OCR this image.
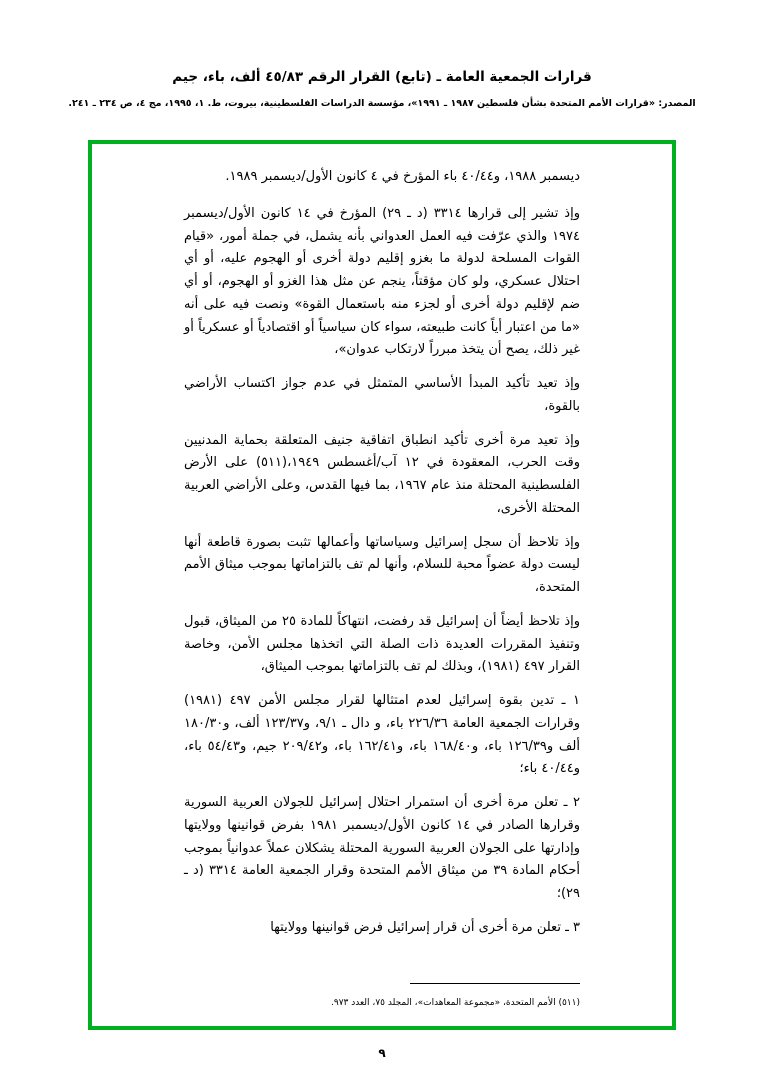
قرارات الجمعية العامة ـ (تابع) القرار الرقم ٤٥/٨٣ ألف، باء، جيم
المصدر: «قرارات الأمم المتحدة بشأن فلسطين ١٩٨٧ ـ ١٩٩١»، مؤسسة الدراسات الفلسطينية، بيروت، ط. ١، ١٩٩٥، مج ٤، ص ٢٣٤ ـ ٢٤١.

ديسمبر ١٩٨٨، و٤٠/٤٤ باء المؤرخ في ٤ كانون الأول/ديسمبر ١٩٨٩.

وإذ تشير إلى قرارها ٣٣١٤ (د ـ ٢٩) المؤرخ في ١٤ كانون الأول/ديسمبر ١٩٧٤ والذي عرّفت فيه العمل العدواني بأنه يشمل، في جملة أمور، «قيام القوات المسلحة لدولة ما بغزو إقليم دولة أخرى أو الهجوم عليه، أو أي احتلال عسكري، ولو كان مؤقتاً، ينجم عن مثل هذا الغزو أو الهجوم، أو أي ضم لإقليم دولة أخرى أو لجزء منه باستعمال القوة» ونصت فيه على أنه «ما من اعتبار أياً كانت طبيعته، سواء كان سياسياً أو اقتصادياً أو عسكرياً أو غير ذلك، يصح أن يتخذ مبرراً لارتكاب عدوان»،

وإذ تعيد تأكيد المبدأ الأساسي المتمثل في عدم جواز اكتساب الأراضي بالقوة،

وإذ تعيد مرة أخرى تأكيد انطباق اتفاقية جنيف المتعلقة بحماية المدنيين وقت الحرب، المعقودة في ١٢ آب/أغسطس ١٩٤٩،(٥١١) على الأرض الفلسطينية المحتلة منذ عام ١٩٦٧، بما فيها القدس، وعلى الأراضي العربية المحتلة الأخرى،

وإذ تلاحظ أن سجل إسرائيل وسياساتها وأعمالها تثبت بصورة قاطعة أنها ليست دولة عضواً محبة للسلام، وأنها لم تف بالتزاماتها بموجب ميثاق الأمم المتحدة،

وإذ تلاحظ أيضاً أن إسرائيل قد رفضت، انتهاكاً للمادة ٢٥ من الميثاق، قبول وتنفيذ المقررات العديدة ذات الصلة التي اتخذها مجلس الأمن، وخاصة القرار ٤٩٧ (١٩٨١)، وبذلك لم تف بالتزاماتها بموجب الميثاق،

١ ـ تدين بقوة إسرائيل لعدم امتثالها لقرار مجلس الأمن ٤٩٧ (١٩٨١) وقرارات الجمعية العامة ٢٢٦/٣٦ باء، و دال ـ ٩/١، و١٢٣/٣٧ ألف، و١٨٠/٣٠ ألف و١٢٦/٣٩ باء، و١٦٨/٤٠ باء، و١٦٢/٤١ باء، و٢٠٩/٤٢ جيم، و٥٤/٤٣ باء، و٤٠/٤٤ باء؛

٢ ـ تعلن مرة أخرى أن استمرار احتلال إسرائيل للجولان العربية السورية وقرارها الصادر في ١٤ كانون الأول/ديسمبر ١٩٨١ بفرض قوانينها وولايتها وإدارتها على الجولان العربية السورية المحتلة يشكلان عملاً عدوانياً بموجب أحكام المادة ٣٩ من ميثاق الأمم المتحدة وقرار الجمعية العامة ٣٣١٤ (د ـ ٢٩)؛

٣ ـ تعلن مرة أخرى أن قرار إسرائيل فرض قوانينها وولايتها

(٥١١) الأمم المتحدة، «مجموعة المعاهدات»، المجلد ٧٥، العدد ٩٧٣.
٩
